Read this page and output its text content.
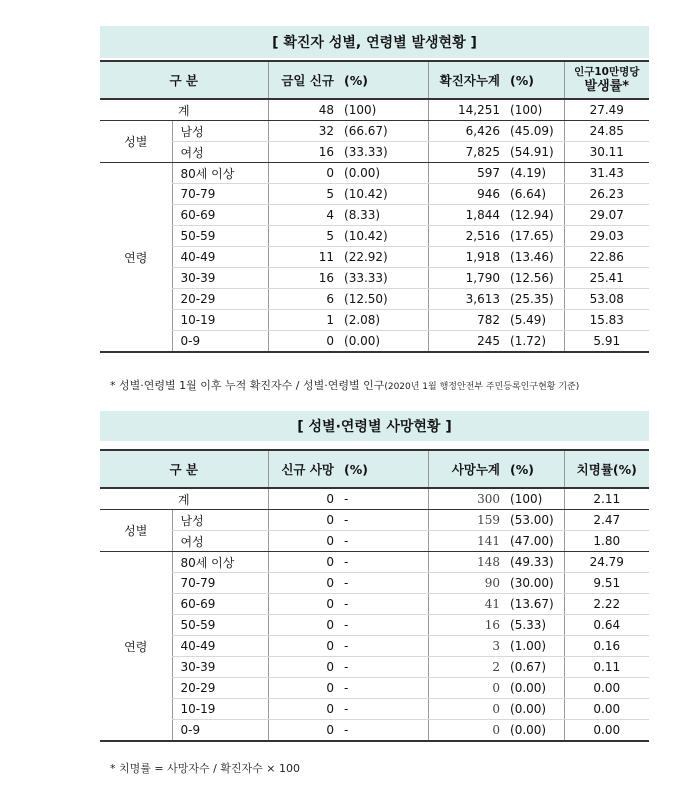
[ 확진자 성별, 연령별 발생현황 ]
구 분		금일 신규	(%)	확진자누계	(%)	인구10만명당
발생률*

계		48	(100)	14,251	(100)	27.49
성별	남성	32	(66.67)	6,426	(45.09)	24.85
	여성	16	(33.33)	7,825	(54.91)	30.11
연령	80세 이상	0	(0.00)	597	(4.19)	31.43
	70-79	5	(10.42)	946	(6.64)	26.23
	60-69	4	(8.33)	1,844	(12.94)	29.07
	50-59	5	(10.42)	2,516	(17.65)	29.03
	40-49	11	(22.92)	1,918	(13.46)	22.86
	30-39	16	(33.33)	1,790	(12.56)	25.41
	20-29	6	(12.50)	3,613	(25.35)	53.08
	10-19	1	(2.08)	782	(5.49)	15.83
	0-9	0	(0.00)	245	(1.72)	5.91
* 성별·연령별 1월 이후 누적 확진자수 / 성별·연령별 인구(2020년 1월 행정안전부 주민등록인구현황 기준)
[ 성별·연령별 사망현황 ]
구 분		신규 사망	(%)	사망누계	(%)	치명률(%)
계		0	-	300	(100)	2.11
성별	남성	0	-	159	(53.00)	2.47
	여성	0	-	141	(47.00)	1.80
연령	80세 이상	0	-	148	(49.33)	24.79
	70-79	0	-	90	(30.00)	9.51
	60-69	0	-	41	(13.67)	2.22
	50-59	0	-	16	(5.33)	0.64
	40-49	0	-	3	(1.00)	0.16
	30-39	0	-	2	(0.67)	0.11
	20-29	0	-	0	(0.00)	0.00
	10-19	0	-	0	(0.00)	0.00
	0-9	0	-	0	(0.00)	0.00
* 치명률 = 사망자수 / 확진자수 × 100
